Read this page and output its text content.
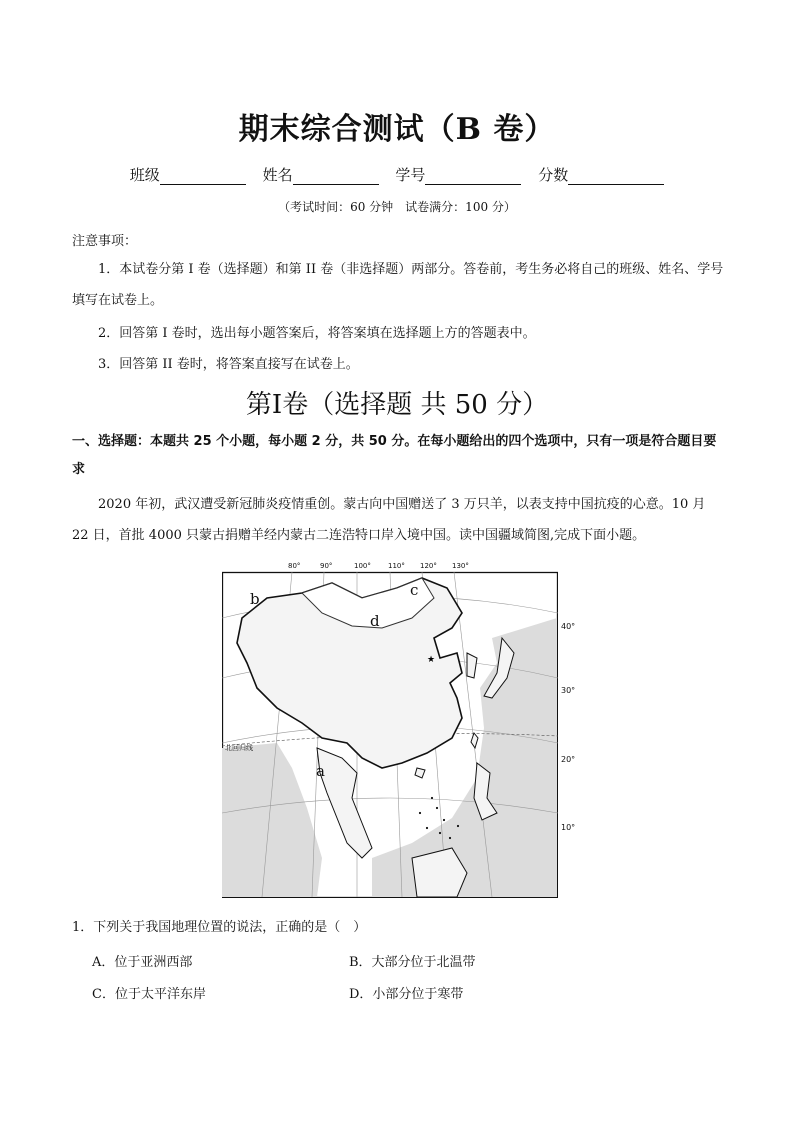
期末综合测试（B 卷）
班级	姓名	学号	分数
（考试时间：60 分钟　试卷满分：100 分）
注意事项：
1．本试卷分第 I 卷（选择题）和第 II 卷（非选择题）两部分。答卷前，考生务必将自己的班级、姓名、学号填写在试卷上。
2．回答第 I 卷时，选出每小题答案后，将答案填在选择题上方的答题表中。
3．回答第 II 卷时，将答案直接写在试卷上。
第I卷（选择题 共 50 分）
一、选择题：本题共 25 个小题，每小题 2 分，共 50 分。在每小题给出的四个选项中，只有一项是符合题目要求
2020 年初，武汉遭受新冠肺炎疫情重创。蒙古向中国赠送了 3 万只羊，以表支持中国抗疫的心意。10 月 22 日，首批 4000 只蒙古捐赠羊经内蒙古二连浩特口岸入境中国。读中国疆域简图,完成下面小题。
★
80°	90°	100° 110° 120° 130°
b	c
d
a
北回归线
40°
30°
20°
10°
1．下列关于我国地理位置的说法，正确的是（　）
A．位于亚洲西部	B．大部分位于北温带
C．位于太平洋东岸	D．小部分位于寒带
